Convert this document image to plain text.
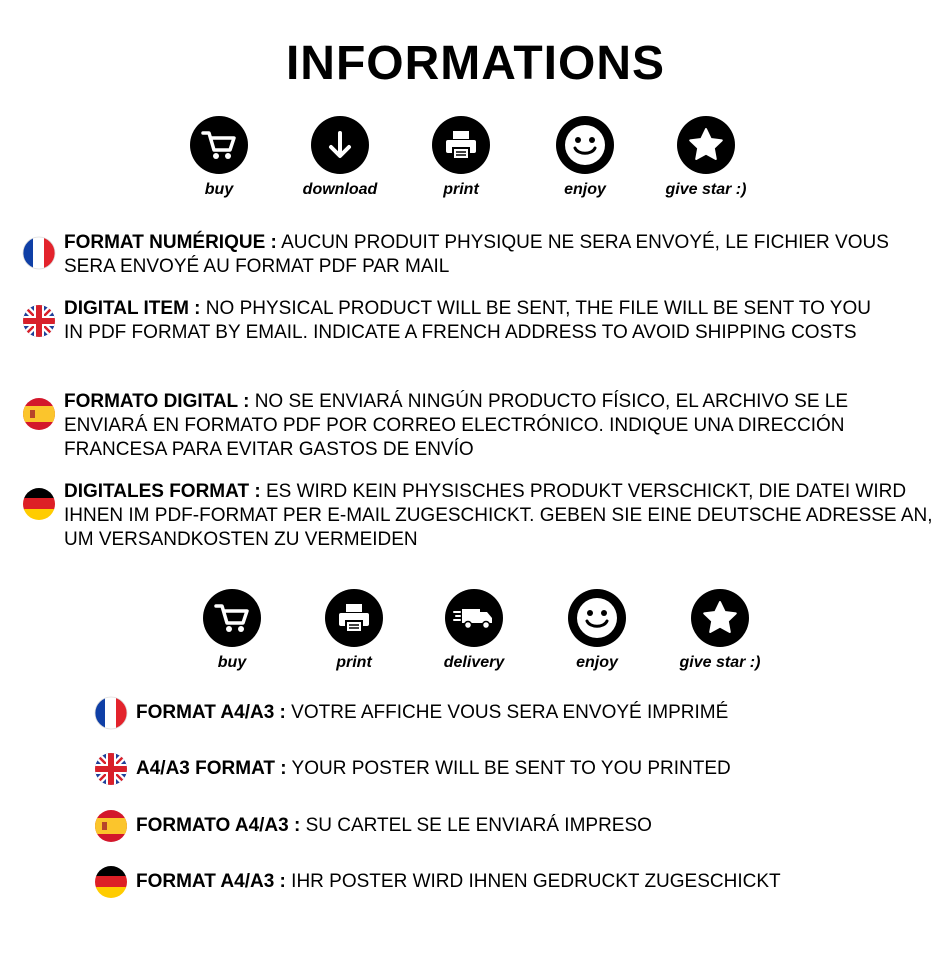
INFORMATIONS
buy	download	print	enjoy	give star :)
FORMAT NUMÉRIQUE : AUCUN PRODUIT PHYSIQUE NE SERA ENVOYÉ, LE FICHIER VOUS SERA ENVOYÉ AU FORMAT PDF PAR MAIL
DIGITAL ITEM : NO PHYSICAL PRODUCT WILL BE SENT, THE FILE WILL BE SENT TO YOU IN PDF FORMAT BY EMAIL. INDICATE A FRENCH ADDRESS TO AVOID SHIPPING COSTS
FORMATO DIGITAL : NO SE ENVIARÁ NINGÚN PRODUCTO FÍSICO, EL ARCHIVO SE LE ENVIARÁ EN FORMATO PDF POR CORREO ELECTRÓNICO. INDIQUE UNA DIRECCIÓN FRANCESA PARA EVITAR GASTOS DE ENVÍO
DIGITALES FORMAT : ES WIRD KEIN PHYSISCHES PRODUKT VERSCHICKT, DIE DATEI WIRD IHNEN IM PDF-FORMAT PER E-MAIL ZUGESCHICKT. GEBEN SIE EINE DEUTSCHE ADRESSE AN, UM VERSANDKOSTEN ZU VERMEIDEN
buy	print	delivery	enjoy	give star :)
FORMAT A4/A3 : VOTRE AFFICHE VOUS SERA ENVOYÉ IMPRIMÉ
A4/A3 FORMAT : YOUR POSTER WILL BE SENT TO YOU PRINTED
FORMATO A4/A3 : SU CARTEL SE LE ENVIARÁ IMPRESO
FORMAT A4/A3 : IHR POSTER WIRD IHNEN GEDRUCKT ZUGESCHICKT
